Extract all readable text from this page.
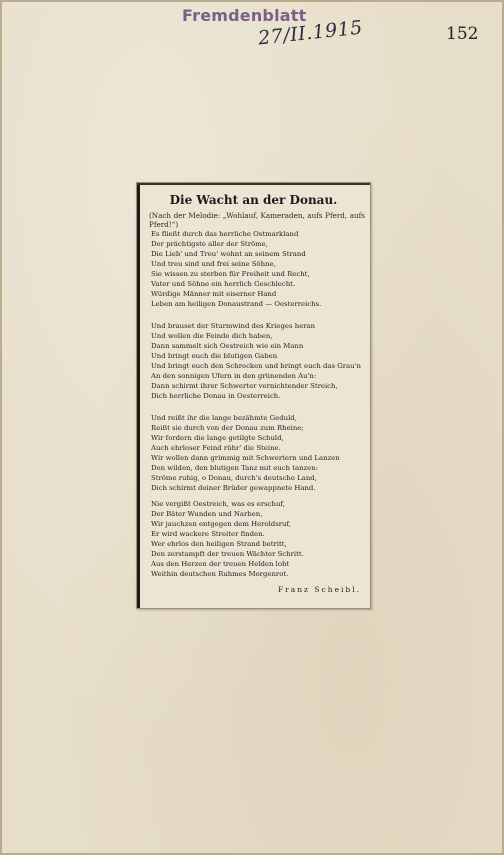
Fremdenblatt
27/II.1915	152
Die Wacht an der Donau.
(Nach der Melodie: „Wohlauf, Kameraden, aufs Pferd, aufs Pferd!“)
Es fließt durch das herrliche Ostmarkland
Der prächtigste aller der Ströme,
Die Lieb' und Treu' wohnt an seinem Strand
Und treu sind und frei seine Söhne,
Sie wissen zu sterben für Freiheit und Recht,
Vater und Söhne ein herrlich Geschlecht.
Würdige Männer mit eiserner Hand
Leben am heiligen Donaustrand — Oesterreichs.
Und brauset der Sturmwind des Krieges heran
Und wollen die Feinde dich haben,
Dann sammelt sich Oestreich wie ein Mann
Und bringt euch die blutigen Gaben
Und bringt euch den Schrecken und bringt euch das Grau'n
An den sonnigen Ufern in den grünenden Au'n:
Dann schirmt ihrer Schwerter vernichtender Streich,
Dich herrliche Donau in Oesterreich.
Und reißt ihr die lange bezähmte Geduld,
Reißt sie durch von der Donau zum Rheine;
Wir fordern die lange getilgte Schuld,
Auch ehrloser Feind rühr' die Steine.
Wir wollen dann grimmig mit Schwertern und Lanzen
Den wilden, den blutigen Tanz mit euch tanzen:
Ströme ruhig, o Donau, durch's deutsche Land,
Dich schirmt deiner Brüder gewappnete Hand.
Nie vergißt Oestreich, was es erschuf,
Der Bäter Wunden und Narben,
Wir jauchzen entgegen dem Heroldsruf,
Er wird wackere Streiter finden.
Wer ehrlos den heiligen Strand betritt,
Den zerstampft der treuen Wächter Schritt.
Aus den Herzen der treuen Helden loht
Weithin deutschen Ruhmes Morgenrot.
Franz Scheibl.
